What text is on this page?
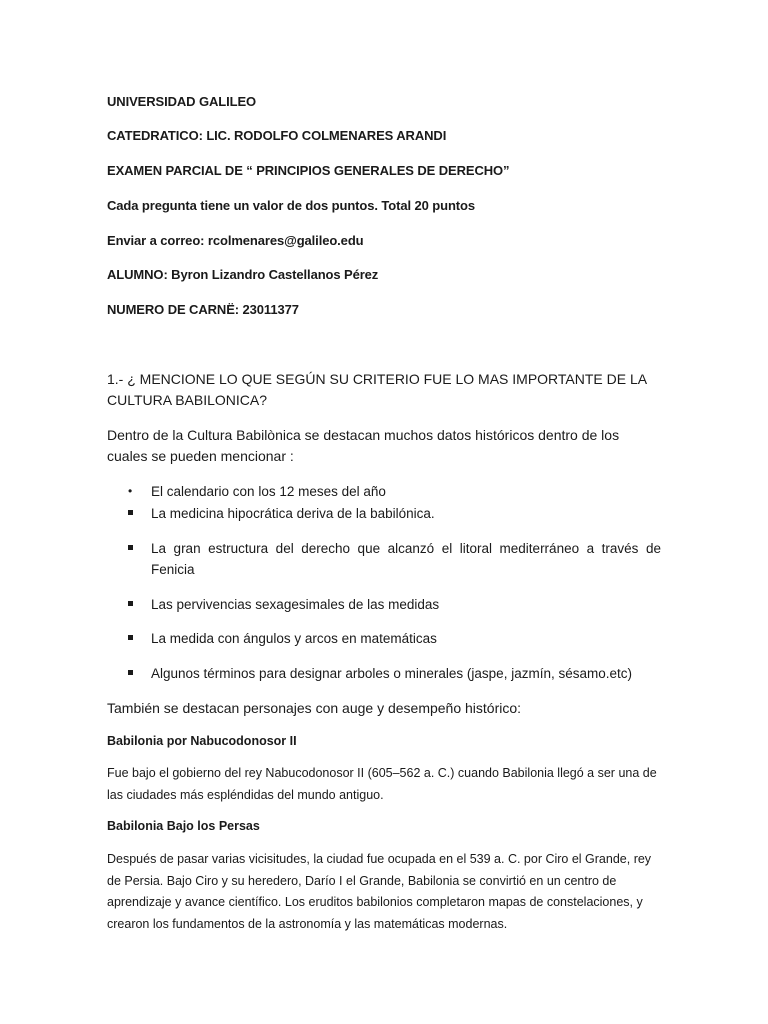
UNIVERSIDAD GALILEO
CATEDRATICO: LIC. RODOLFO COLMENARES ARANDI
EXAMEN PARCIAL DE “ PRINCIPIOS GENERALES DE DERECHO”
Cada pregunta tiene un valor de dos puntos. Total 20 puntos
Enviar a correo: rcolmenares@galileo.edu
ALUMNO: Byron Lizandro Castellanos Pérez
NUMERO DE CARNË: 23011377
1.- ¿ MENCIONE LO QUE SEGÚN SU CRITERIO FUE LO MAS IMPORTANTE DE LA CULTURA BABILONICA?
Dentro de la Cultura Babilònica se destacan muchos datos históricos dentro de los cuales se pueden mencionar :
• El calendario con los 12 meses del año
La medicina hipocrática deriva de la babilónica.
La gran estructura del derecho que alcanzó el litoral mediterráneo a través de Fenicia
Las pervivencias sexagesimales de las medidas
La medida con ángulos y arcos en matemáticas
Algunos términos para designar arboles o minerales (jaspe, jazmín, sésamo.etc)
También se destacan personajes con auge y desempeño histórico:
Babilonia por Nabucodonosor II
Fue bajo el gobierno del rey Nabucodonosor II (605–562 a. C.) cuando Babilonia llegó a ser una de las ciudades más espléndidas del mundo antiguo.
Babilonia Bajo los Persas
Después de pasar varias vicisitudes, la ciudad fue ocupada en el 539 a. C. por Ciro el Grande, rey de Persia. Bajo Ciro y su heredero, Darío I el Grande, Babilonia se convirtió en un centro de aprendizaje y avance científico. Los eruditos babilonios completaron mapas de constelaciones, y crearon los fundamentos de la astronomía y las matemáticas modernas.
